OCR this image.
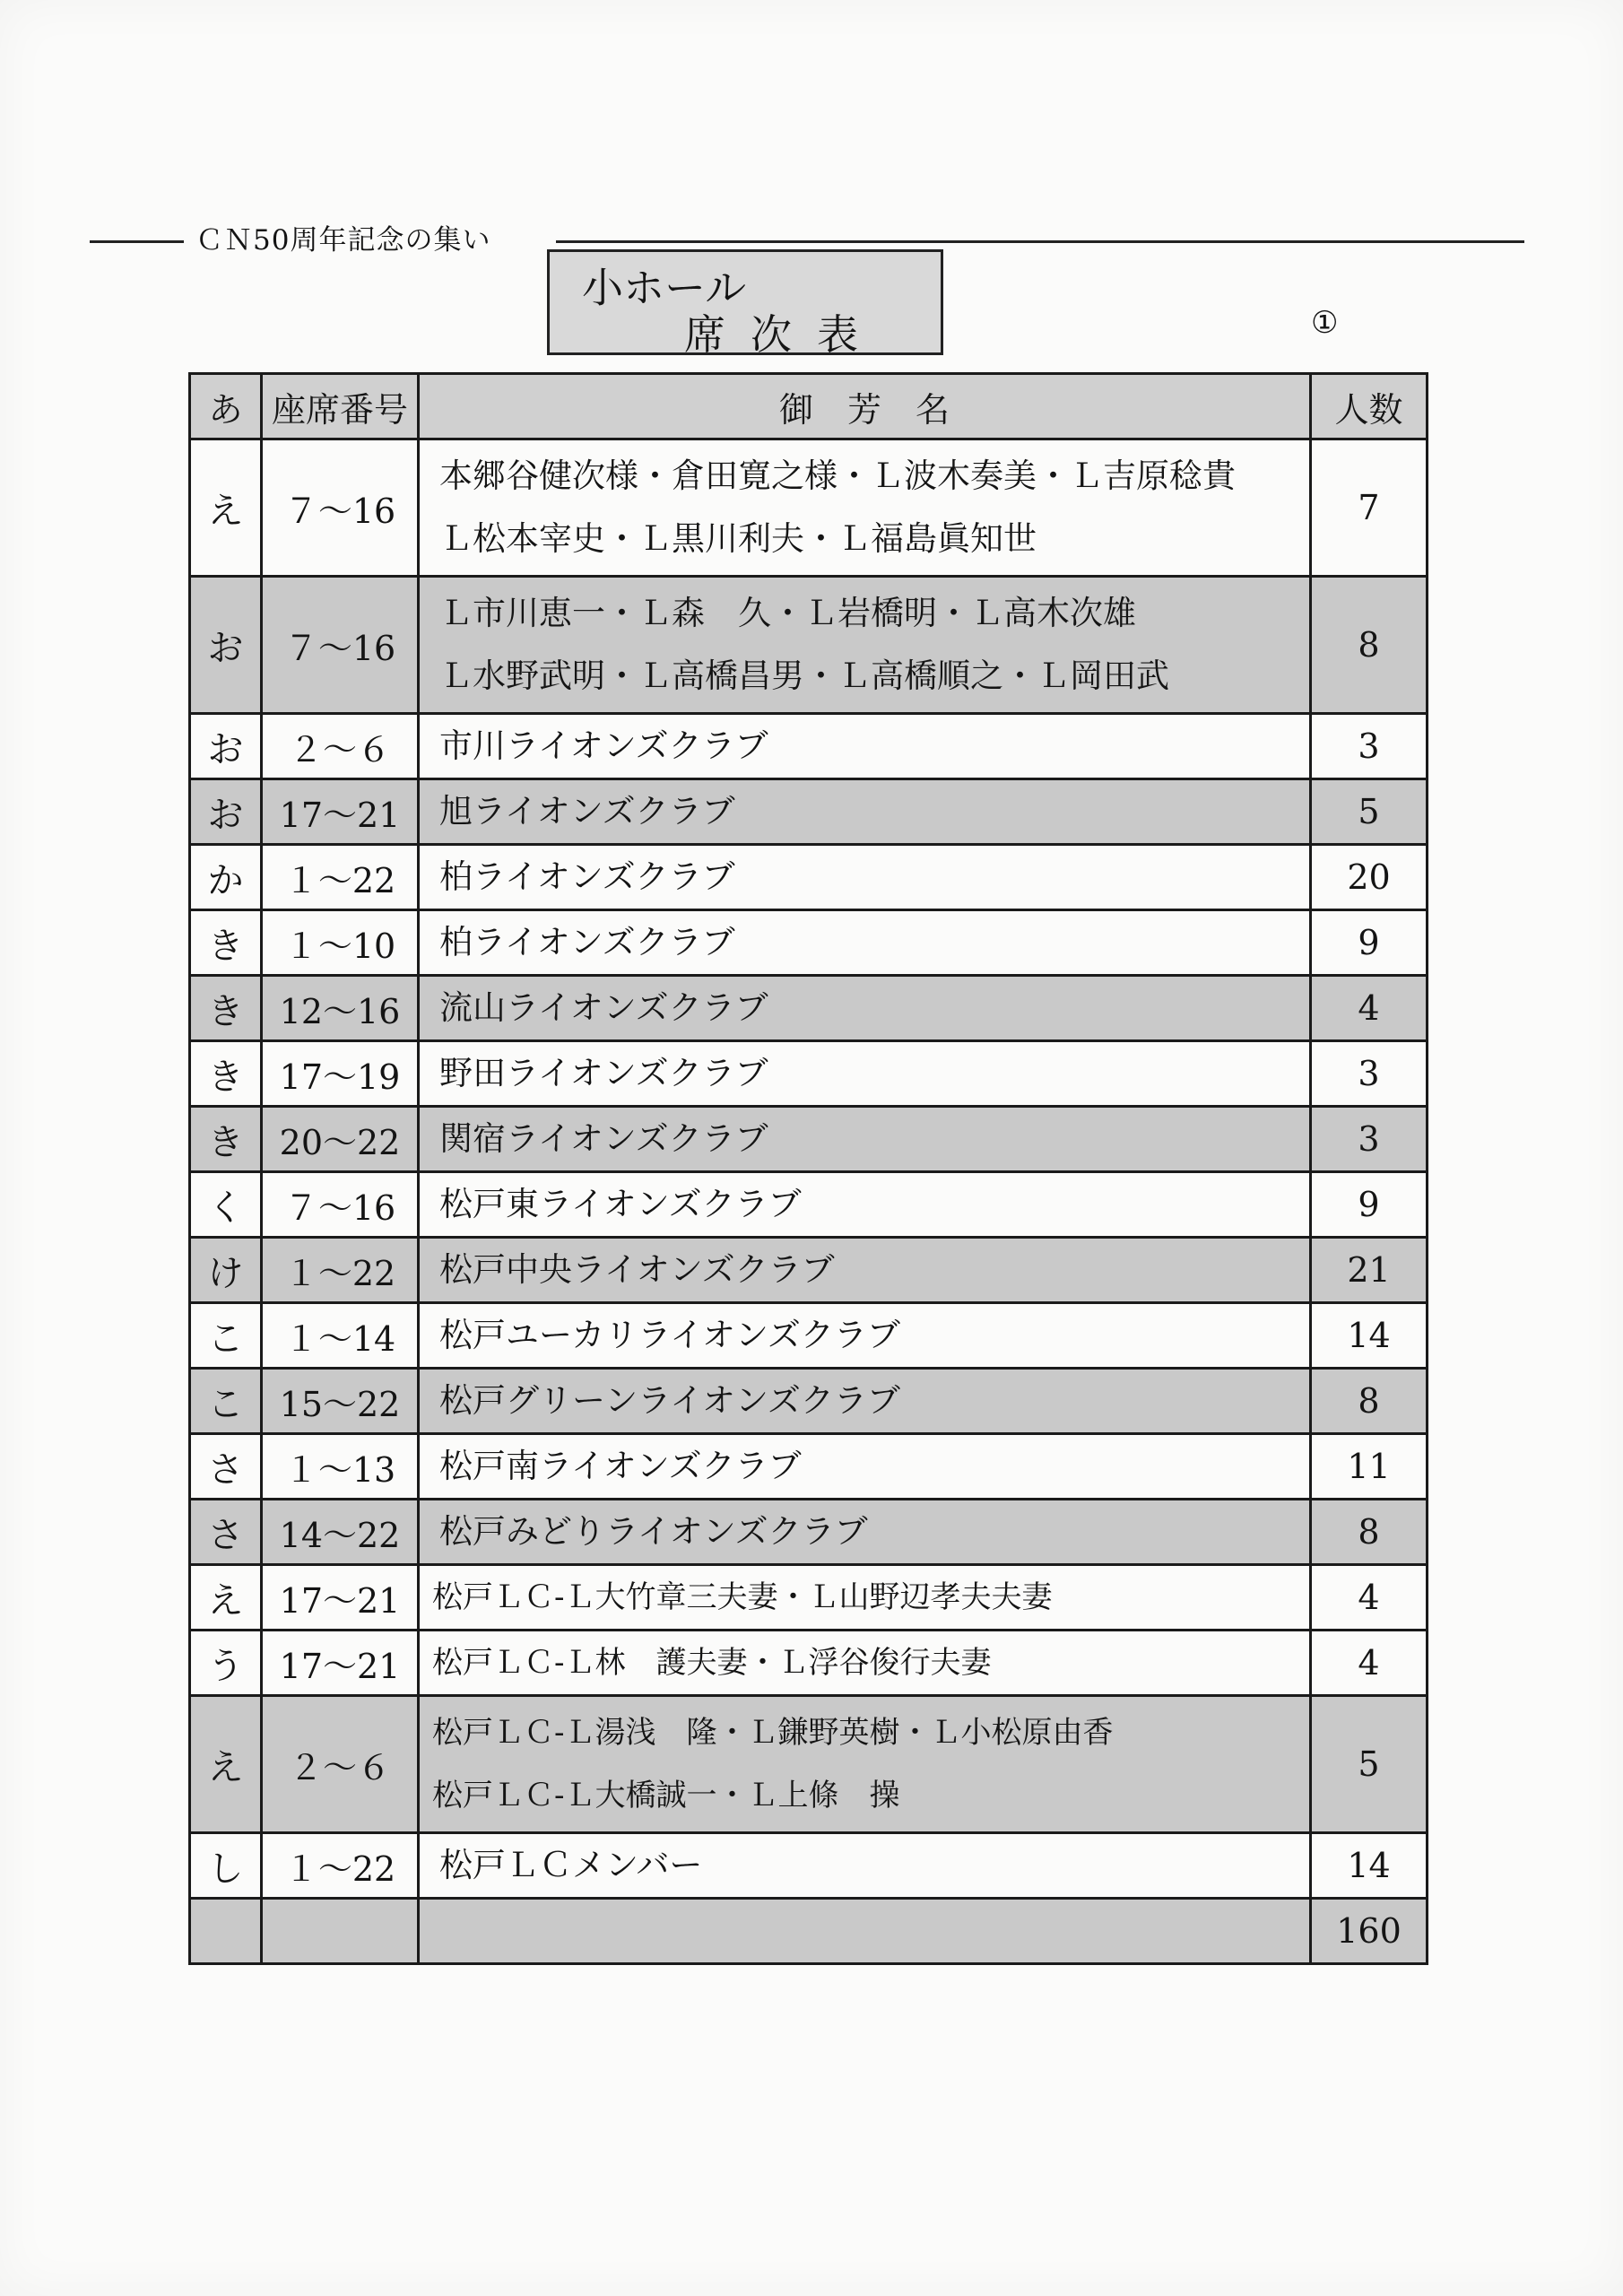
ＣＮ50周年記念の集い
小ホール
席次表	①
あ	座席番号	御　芳　名	人数
え	７～16	本郷谷健次様・倉田寛之様・Ｌ波木奏美・Ｌ吉原稔貴
Ｌ松本宰史・Ｌ黒川利夫・Ｌ福島眞知世	7
お	７～16	Ｌ市川恵一・Ｌ森　久・Ｌ岩橋明・Ｌ高木次雄
Ｌ水野武明・Ｌ高橋昌男・Ｌ高橋順之・Ｌ岡田武	8
お	２～６	市川ライオンズクラブ	3
お	17～21	旭ライオンズクラブ	5
か	１～22	柏ライオンズクラブ	20
き	１～10	柏ライオンズクラブ	9
き	12～16	流山ライオンズクラブ	4
き	17～19	野田ライオンズクラブ	3
き	20～22	関宿ライオンズクラブ	3
く	７～16	松戸東ライオンズクラブ	9
け	１～22	松戸中央ライオンズクラブ	21
こ	１～14	松戸ユーカリライオンズクラブ	14
こ	15～22	松戸グリーンライオンズクラブ	8
さ	１～13	松戸南ライオンズクラブ	11
さ	14～22	松戸みどりライオンズクラブ	8
え	17～21	松戸ＬＣ-Ｌ大竹章三夫妻・Ｌ山野辺孝夫夫妻	4
う	17～21	松戸ＬＣ-Ｌ林　護夫妻・Ｌ浮谷俊行夫妻	4
え	２～６	松戸ＬＣ-Ｌ湯浅　隆・Ｌ鎌野英樹・Ｌ小松原由香
松戸ＬＣ-Ｌ大橋誠一・Ｌ上條　操	5
し	１～22	松戸ＬＣメンバー	14
			160
